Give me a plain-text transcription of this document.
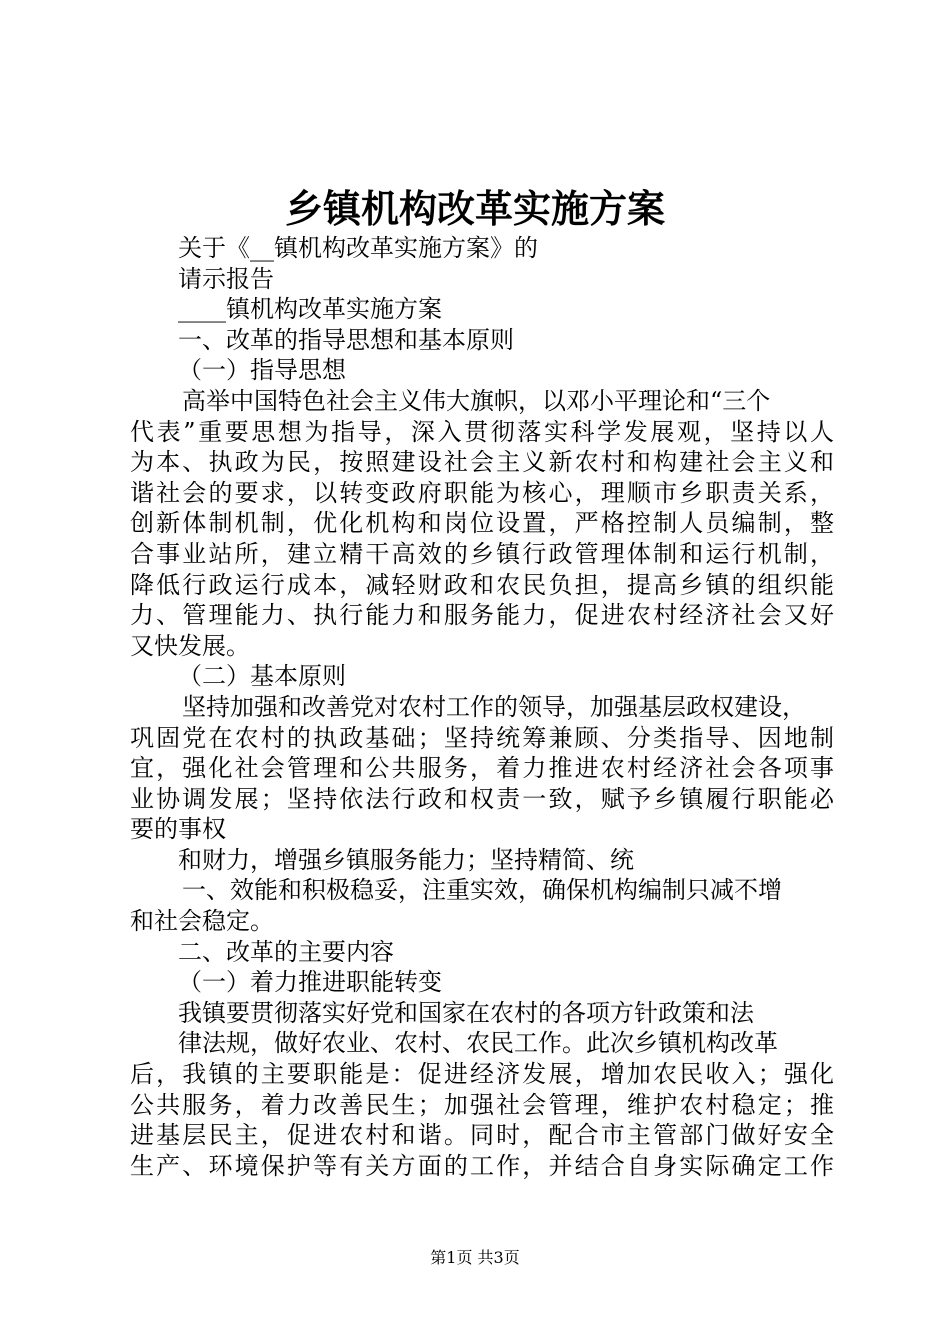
乡镇机构改革实施方案
关于《__镇机构改革实施方案》的
请示报告
____镇机构改革实施方案
一、改革的指导思想和基本原则
（一）指导思想
高举中国特色社会主义伟大旗帜，以邓小平理论和“三个
代表”重要思想为指导，深入贯彻落实科学发展观，坚持以人
为本、执政为民，按照建设社会主义新农村和构建社会主义和
谐社会的要求，以转变政府职能为核心，理顺市乡职责关系，
创新体制机制，优化机构和岗位设置，严格控制人员编制，整
合事业站所，建立精干高效的乡镇行政管理体制和运行机制，
降低行政运行成本，减轻财政和农民负担，提高乡镇的组织能
力、管理能力、执行能力和服务能力，促进农村经济社会又好
又快发展。
（二）基本原则
坚持加强和改善党对农村工作的领导，加强基层政权建设，
巩固党在农村的执政基础；坚持统筹兼顾、分类指导、因地制
宜，强化社会管理和公共服务，着力推进农村经济社会各项事
业协调发展；坚持依法行政和权责一致，赋予乡镇履行职能必
要的事权
和财力，增强乡镇服务能力；坚持精简、统
一、效能和积极稳妥，注重实效，确保机构编制只减不增
和社会稳定。
二、改革的主要内容
（一）着力推进职能转变
我镇要贯彻落实好党和国家在农村的各项方针政策和法
律法规，做好农业、农村、农民工作。此次乡镇机构改革
后，我镇的主要职能是：促进经济发展，增加农民收入；强化
公共服务，着力改善民生；加强社会管理，维护农村稳定；推
进基层民主，促进农村和谐。同时，配合市主管部门做好安全
生产、环境保护等有关方面的工作，并结合自身实际确定工作
第1页 共3页
